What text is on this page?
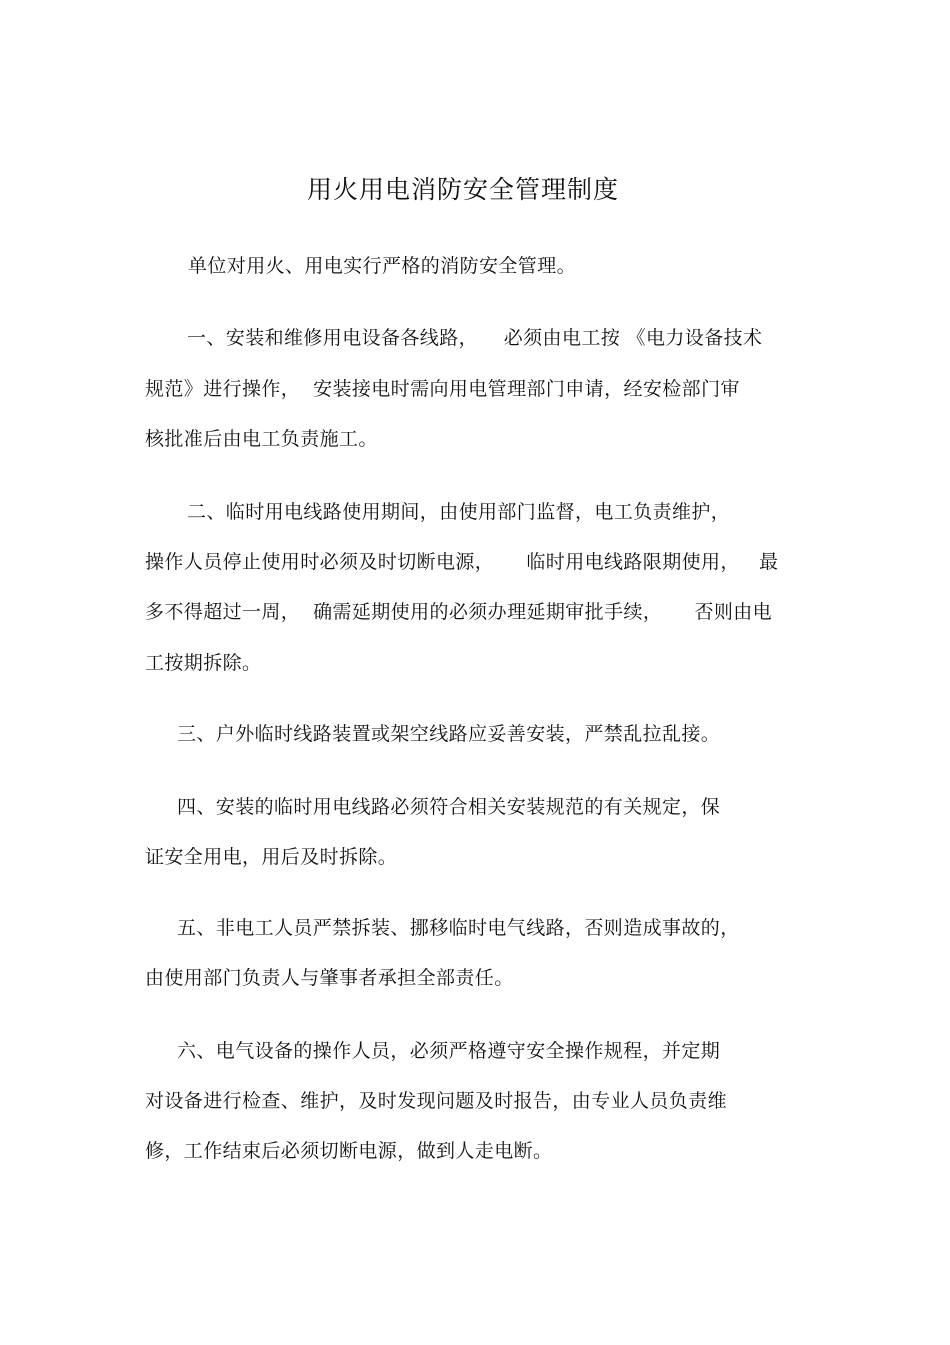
用火用电消防安全管理制度
单位对用火、用电实行严格的消防安全管理。
一、安装和维修用电设备各线路，    必须由电工按 《电力设备技术
规范》进行操作，  安装接电时需向用电管理部门申请，经安检部门审
核批准后由电工负责施工。
二、临时用电线路使用期间，由使用部门监督，电工负责维护，
操作人员停止使用时必须及时切断电源，     临时用电线路限期使用，   最
多不得超过一周，  确需延期使用的必须办理延期审批手续，     否则由电
工按期拆除。
三、户外临时线路装置或架空线路应妥善安装，严禁乱拉乱接。
四、安装的临时用电线路必须符合相关安装规范的有关规定，保
证安全用电，用后及时拆除。
五、非电工人员严禁拆装、挪移临时电气线路，否则造成事故的，
由使用部门负责人与肇事者承担全部责任。
六、电气设备的操作人员，必须严格遵守安全操作规程，并定期
对设备进行检查、维护，及时发现问题及时报告，由专业人员负责维
修，工作结束后必须切断电源，做到人走电断。
